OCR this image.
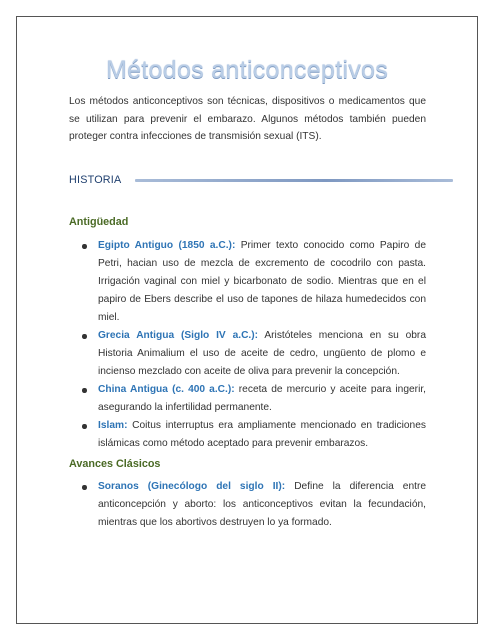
Métodos anticonceptivos
Los métodos anticonceptivos son técnicas, dispositivos o medicamentos que se utilizan para prevenir el embarazo. Algunos métodos también pueden proteger contra infecciones de transmisión sexual (ITS).
HISTORIA
Antigüedad
Egipto Antiguo (1850 a.C.): Primer texto conocido como Papiro de Petri, hacian uso de mezcla de excremento de cocodrilo con pasta. Irrigación vaginal con miel y bicarbonato de sodio. Mientras que en el papiro de Ebers describe el uso de tapones de hilaza humedecidos con miel.
Grecia Antigua (Siglo IV a.C.): Aristóteles menciona en su obra Historia Animalium el uso de aceite de cedro, ungüento de plomo e incienso mezclado con aceite de oliva para prevenir la concepción.
China Antigua (c. 400 a.C.): receta de mercurio y aceite para ingerir, asegurando la infertilidad permanente.
Islam: Coitus interruptus era ampliamente mencionado en tradiciones islámicas como método aceptado para prevenir embarazos.
Avances Clásicos
Soranos (Ginecólogo del siglo II): Define la diferencia entre anticoncepción y aborto: los anticonceptivos evitan la fecundación, mientras que los abortivos destruyen lo ya formado.
